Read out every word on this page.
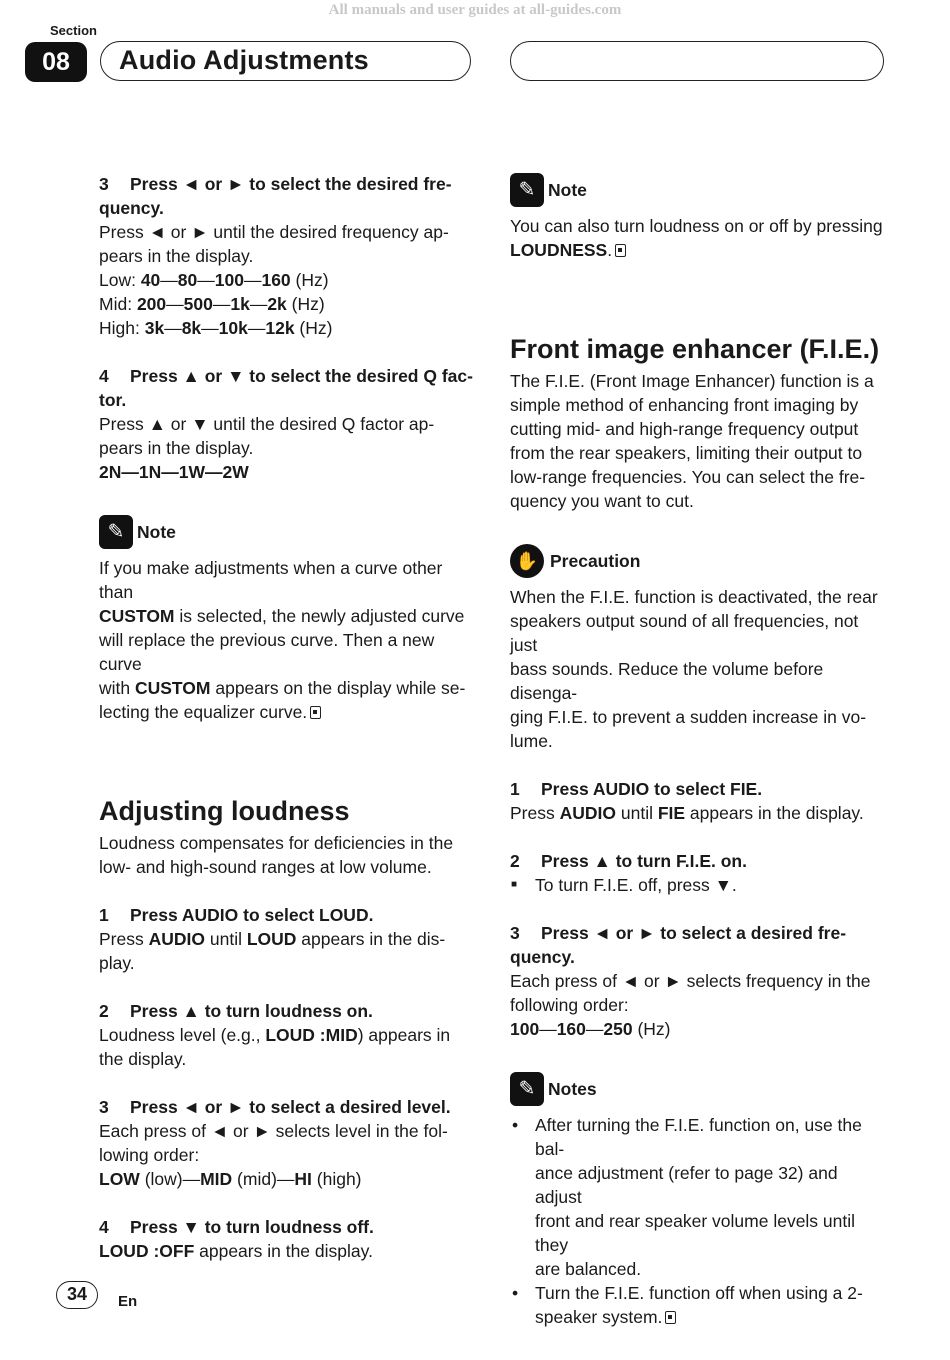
All manuals and user guides at all-guides.com
Section
08	Audio Adjustments

3 Press ◄ or ► to select the desired fre-

quency.

Press ◄ or ► until the desired frequency ap-

pears in the display.

Low: 40—80—100—160 (Hz)

Mid: 200—500—1k—2k (Hz)

High: 3k—8k—10k—12k (Hz)

4 Press ▲ or ▼ to select the desired Q fac-

tor.

Press ▲ or ▼ until the desired Q factor ap-

pears in the display.

2N—1N—1W—2W

✎ Note

If you make adjustments when a curve other than

CUSTOM is selected, the newly adjusted curve

will replace the previous curve. Then a new curve

with CUSTOM appears on the display while se-

lecting the equalizer curve.

Adjusting loudness

Loudness compensates for deficiencies in the

low- and high-sound ranges at low volume.

1 Press AUDIO to select LOUD.

Press AUDIO until LOUD appears in the dis-

play.

2 Press ▲ to turn loudness on.

Loudness level (e.g., LOUD :MID) appears in

the display.

3 Press ◄ or ► to select a desired level.

Each press of ◄ or ► selects level in the fol-

lowing order:

LOW (low)—MID (mid)—HI (high)

4 Press ▼ to turn loudness off.

LOUD :OFF appears in the display.

✎ Note

You can also turn loudness on or off by pressing

LOUDNESS.

Front image enhancer (F.I.E.)

The F.I.E. (Front Image Enhancer) function is a

simple method of enhancing front imaging by

cutting mid- and high-range frequency output

from the rear speakers, limiting their output to

low-range frequencies. You can select the fre-

quency you want to cut.

✋ Precaution

When the F.I.E. function is deactivated, the rear

speakers output sound of all frequencies, not just

bass sounds. Reduce the volume before disenga-

ging F.I.E. to prevent a sudden increase in vo-

lume.

1 Press AUDIO to select FIE.

Press AUDIO until FIE appears in the display.

2 Press ▲ to turn F.I.E. on.

■ To turn F.I.E. off, press ▼.

3 Press ◄ or ► to select a desired fre-

quency.

Each press of ◄ or ► selects frequency in the

following order:

100—160—250 (Hz)

✎ Notes
• After turning the F.I.E. function on, use the bal-
ance adjustment (refer to page 32) and adjust
front and rear speaker volume levels until they
are balanced.
• Turn the F.I.E. function off when using a 2-
speaker system.
34	En
